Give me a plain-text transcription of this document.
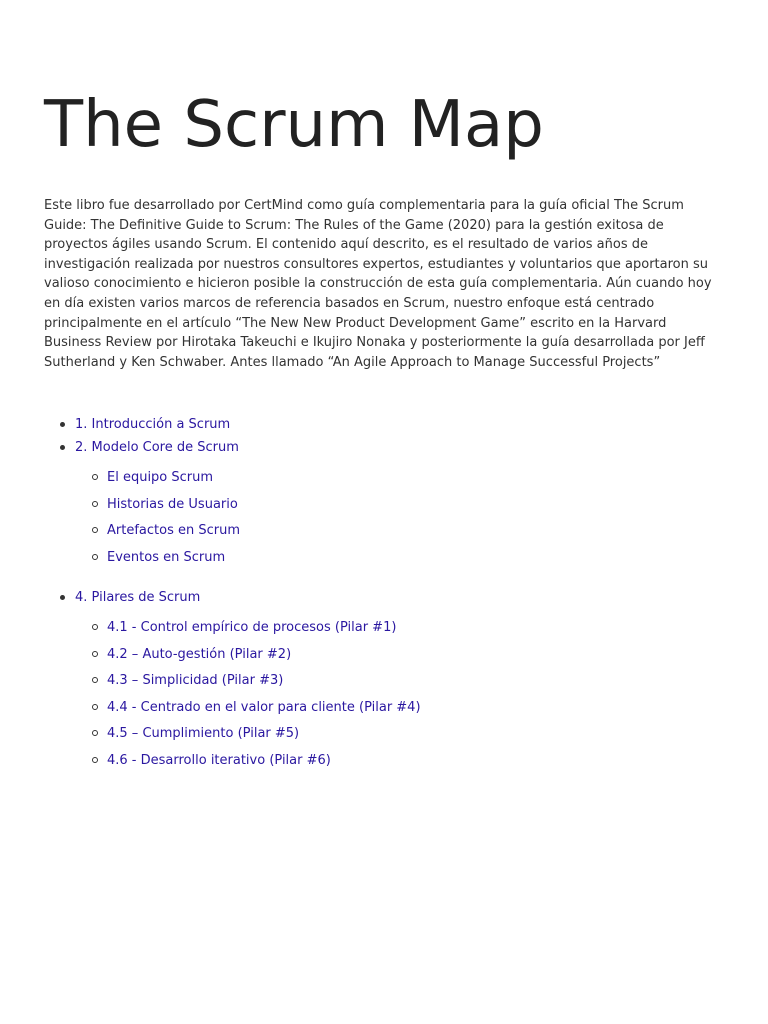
The Scrum Map

Este libro fue desarrollado por CertMind como guía complementaria para la guía oficial The Scrum Guide: The Definitive Guide to Scrum: The Rules of the Game (2020) para la gestión exitosa de proyectos ágiles usando Scrum. El contenido aquí descrito, es el resultado de varios años de investigación realizada por nuestros consultores expertos, estudiantes y voluntarios que aportaron su valioso conocimiento e hicieron posible la construcción de esta guía complementaria. Aún cuando hoy en día existen varios marcos de referencia basados en Scrum, nuestro enfoque está centrado principalmente en el artículo “The New New Product Development Game” escrito en la Harvard Business Review por Hirotaka Takeuchi e Ikujiro Nonaka y posteriormente la guía desarrollada por Jeff Sutherland y Ken Schwaber. Antes llamado “An Agile Approach to Manage Successful Projects”

1. Introducción a Scrum
2. Modelo Core de Scrum
El equipo Scrum
Historias de Usuario
Artefactos en Scrum
Eventos en Scrum
4. Pilares de Scrum
4.1 - Control empírico de procesos (Pilar #1)
4.2 – Auto-gestión (Pilar #2)
4.3 – Simplicidad (Pilar #3)
4.4 - Centrado en el valor para cliente (Pilar #4)
4.5 – Cumplimiento (Pilar #5)
4.6 - Desarrollo iterativo (Pilar #6)
